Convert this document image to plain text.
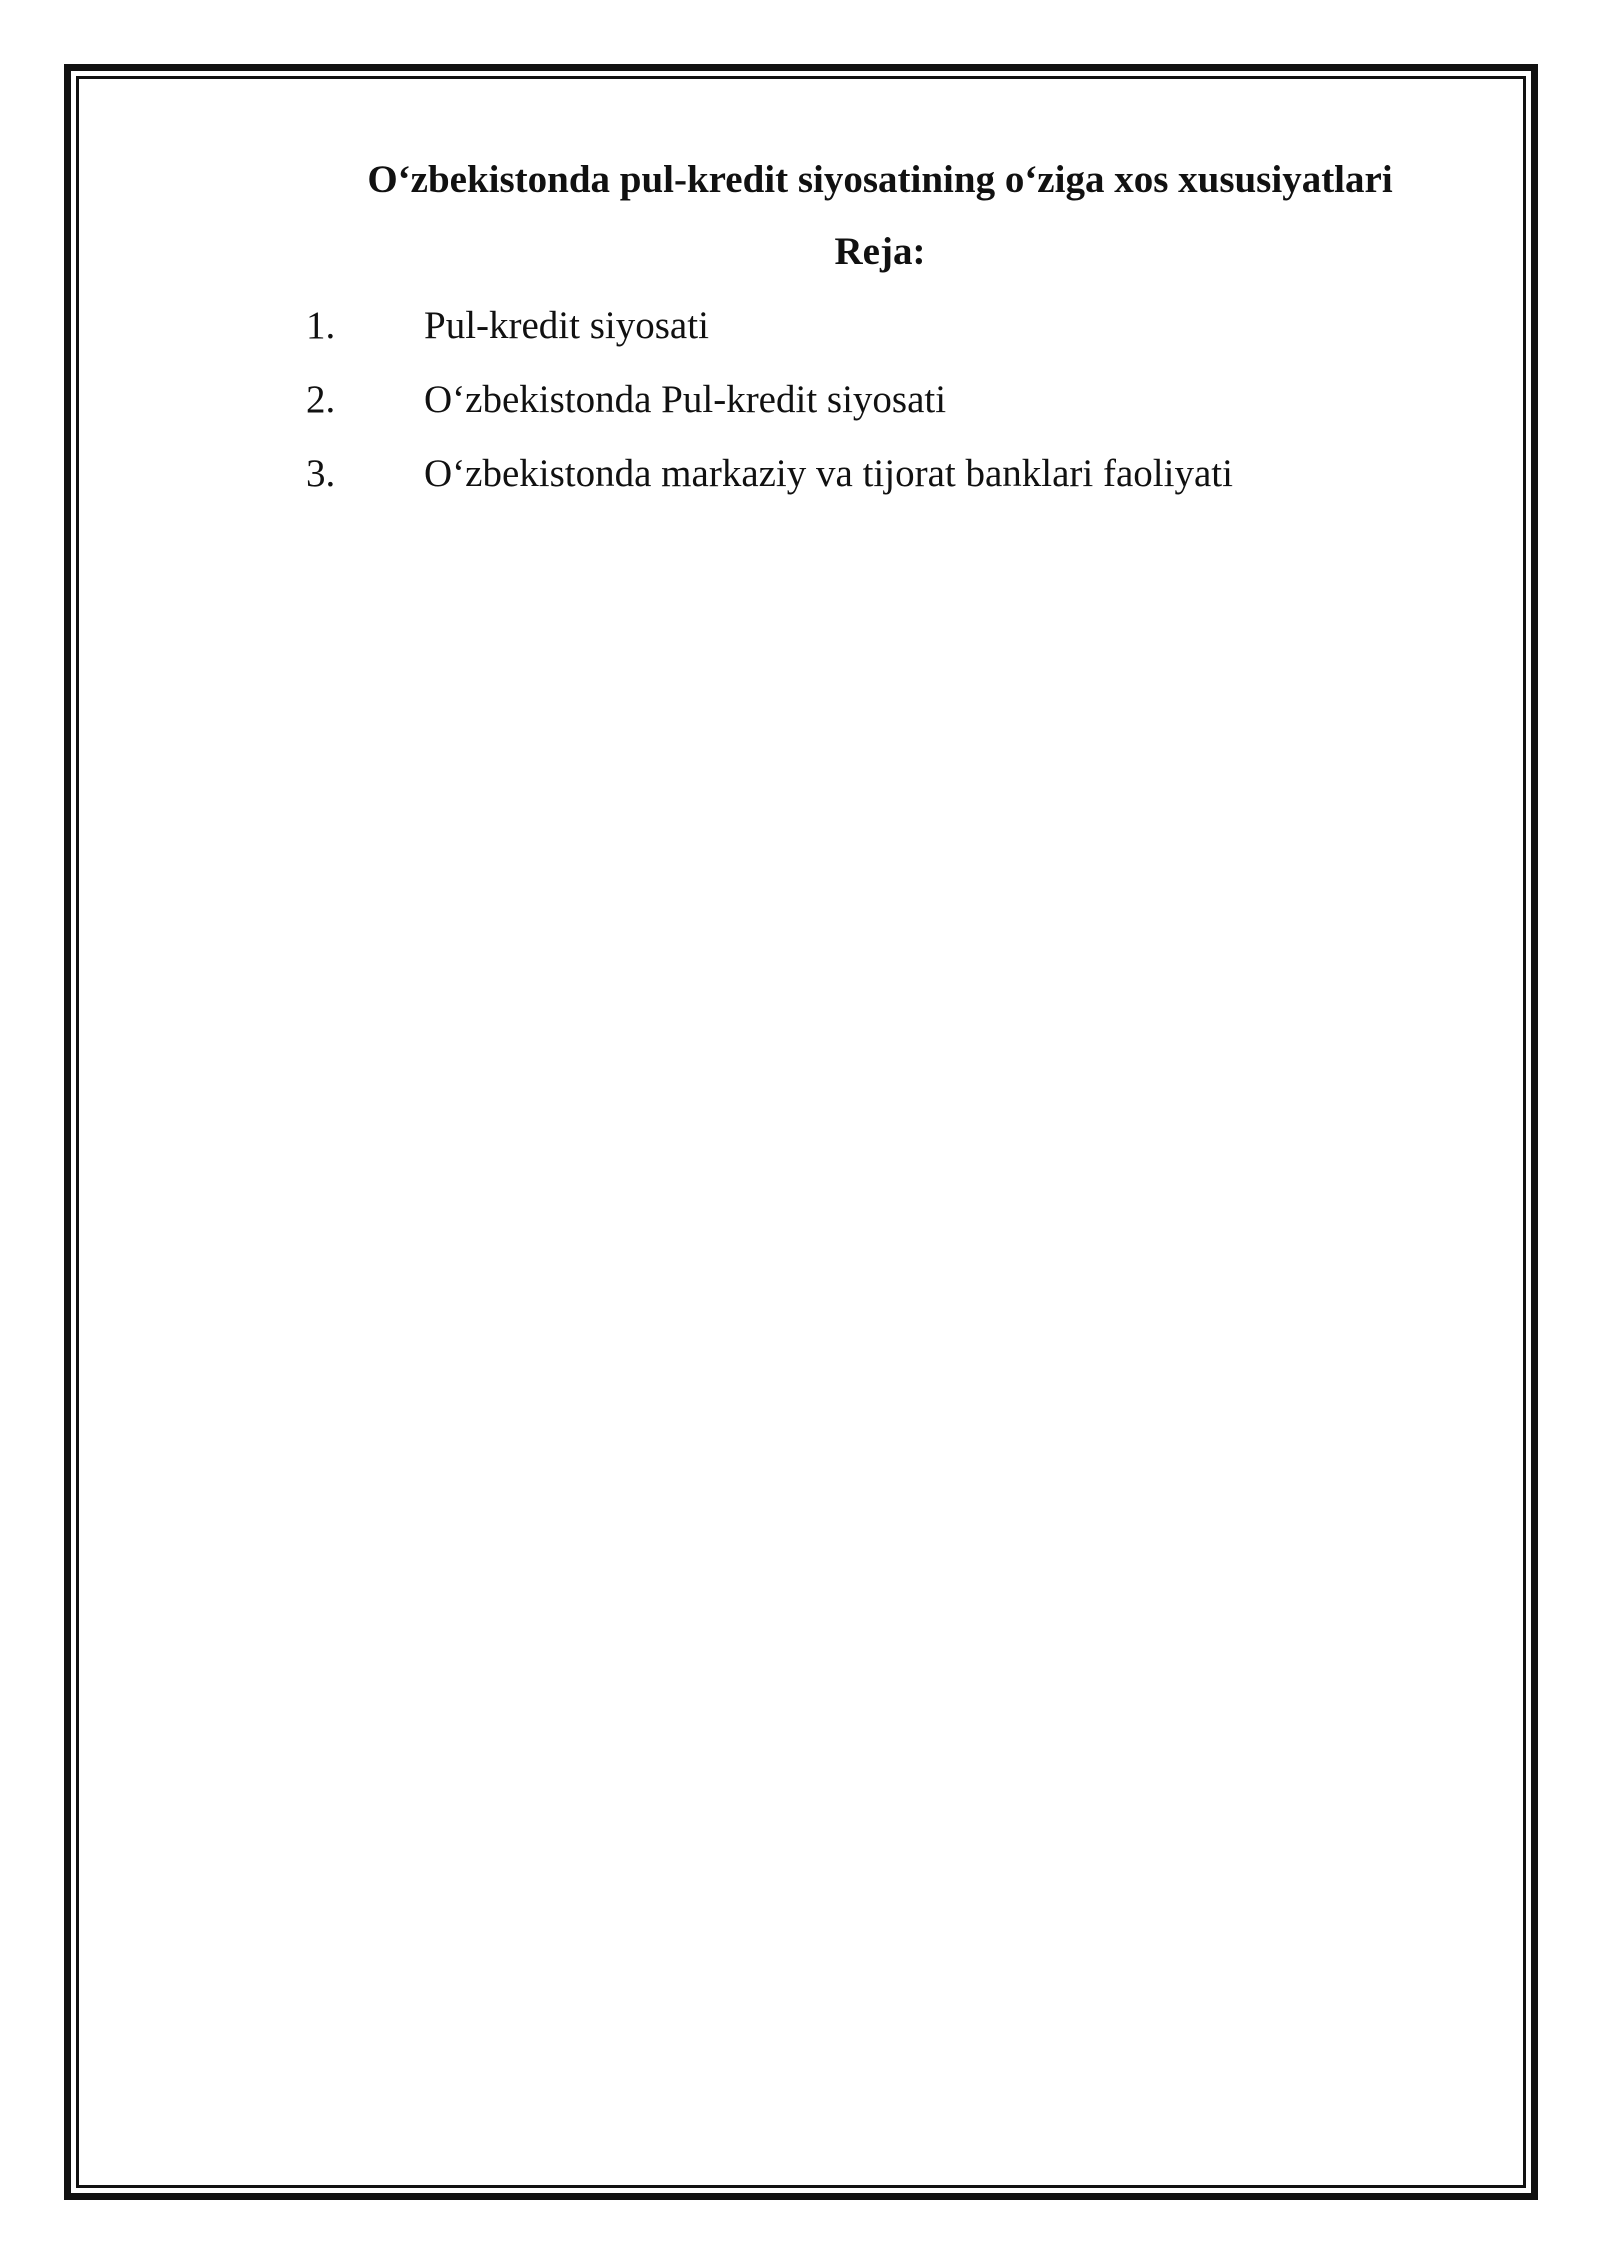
O‘zbekistonda pul-kredit siyosatining o‘ziga xos xususiyatlari
Reja:
1.	Pul-kredit siyosati
2.	O‘zbekistonda Pul-kredit siyosati
3.	O‘zbekistonda markaziy va tijorat banklari faoliyati
